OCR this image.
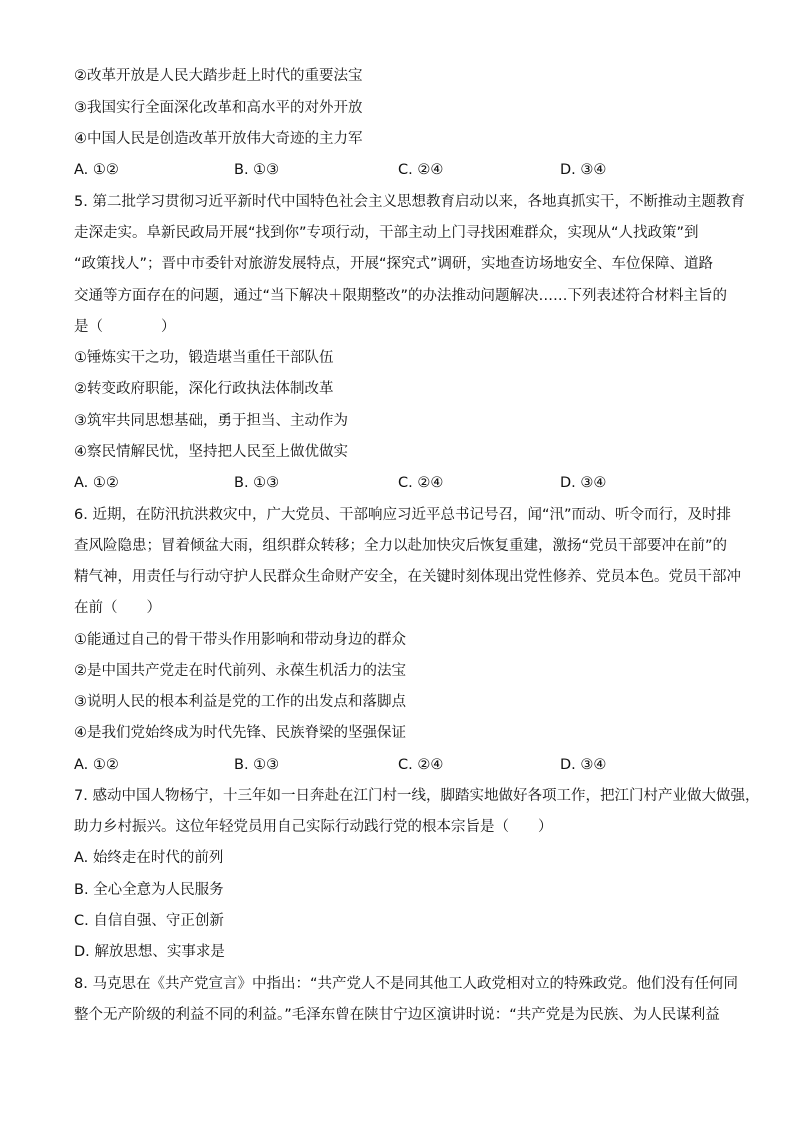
②改革开放是人民大踏步赶上时代的重要法宝
③我国实行全面深化改革和高水平的对外开放
④中国人民是创造改革开放伟大奇迹的主力军
A. ①②	B. ①③	C. ②④	D. ③④
5. 第二批学习贯彻习近平新时代中国特色社会主义思想教育启动以来，各地真抓实干，不断推动主题教育
走深走实。阜新民政局开展“找到你”专项行动，干部主动上门寻找困难群众，实现从“人找政策”到
“政策找人”；晋中市委针对旅游发展特点，开展“探究式”调研，实地查访场地安全、车位保障、道路
交通等方面存在的问题，通过“当下解决＋限期整改”的办法推动问题解决……下列表述符合材料主旨的
是（　　　　）
①锤炼实干之功，锻造堪当重任干部队伍
②转变政府职能，深化行政执法体制改革
③筑牢共同思想基础，勇于担当、主动作为
④察民情解民忧，坚持把人民至上做优做实
A. ①②	B. ①③	C. ②④	D. ③④
6. 近期，在防汛抗洪救灾中，广大党员、干部响应习近平总书记号召，闻“汛”而动、听令而行，及时排
查风险隐患；冒着倾盆大雨，组织群众转移；全力以赴加快灾后恢复重建，激扬“党员干部要冲在前”的
精气神，用责任与行动守护人民群众生命财产安全，在关键时刻体现出党性修养、党员本色。党员干部冲
在前（　　）
①能通过自己的骨干带头作用影响和带动身边的群众
②是中国共产党走在时代前列、永葆生机活力的法宝
③说明人民的根本利益是党的工作的出发点和落脚点
④是我们党始终成为时代先锋、民族脊梁的坚强保证
A. ①②	B. ①③	C. ②④	D. ③④
7. 感动中国人物杨宁，十三年如一日奔赴在江门村一线，脚踏实地做好各项工作，把江门村产业做大做强，
助力乡村振兴。这位年轻党员用自己实际行动践行党的根本宗旨是（　　）
A. 始终走在时代的前列
B. 全心全意为人民服务
C. 自信自强、守正创新
D. 解放思想、实事求是
8. 马克思在《共产党宣言》中指出：“共产党人不是同其他工人政党相对立的特殊政党。他们没有任何同
整个无产阶级的利益不同的利益。”毛泽东曾在陕甘宁边区演讲时说：“共产党是为民族、为人民谋利益
